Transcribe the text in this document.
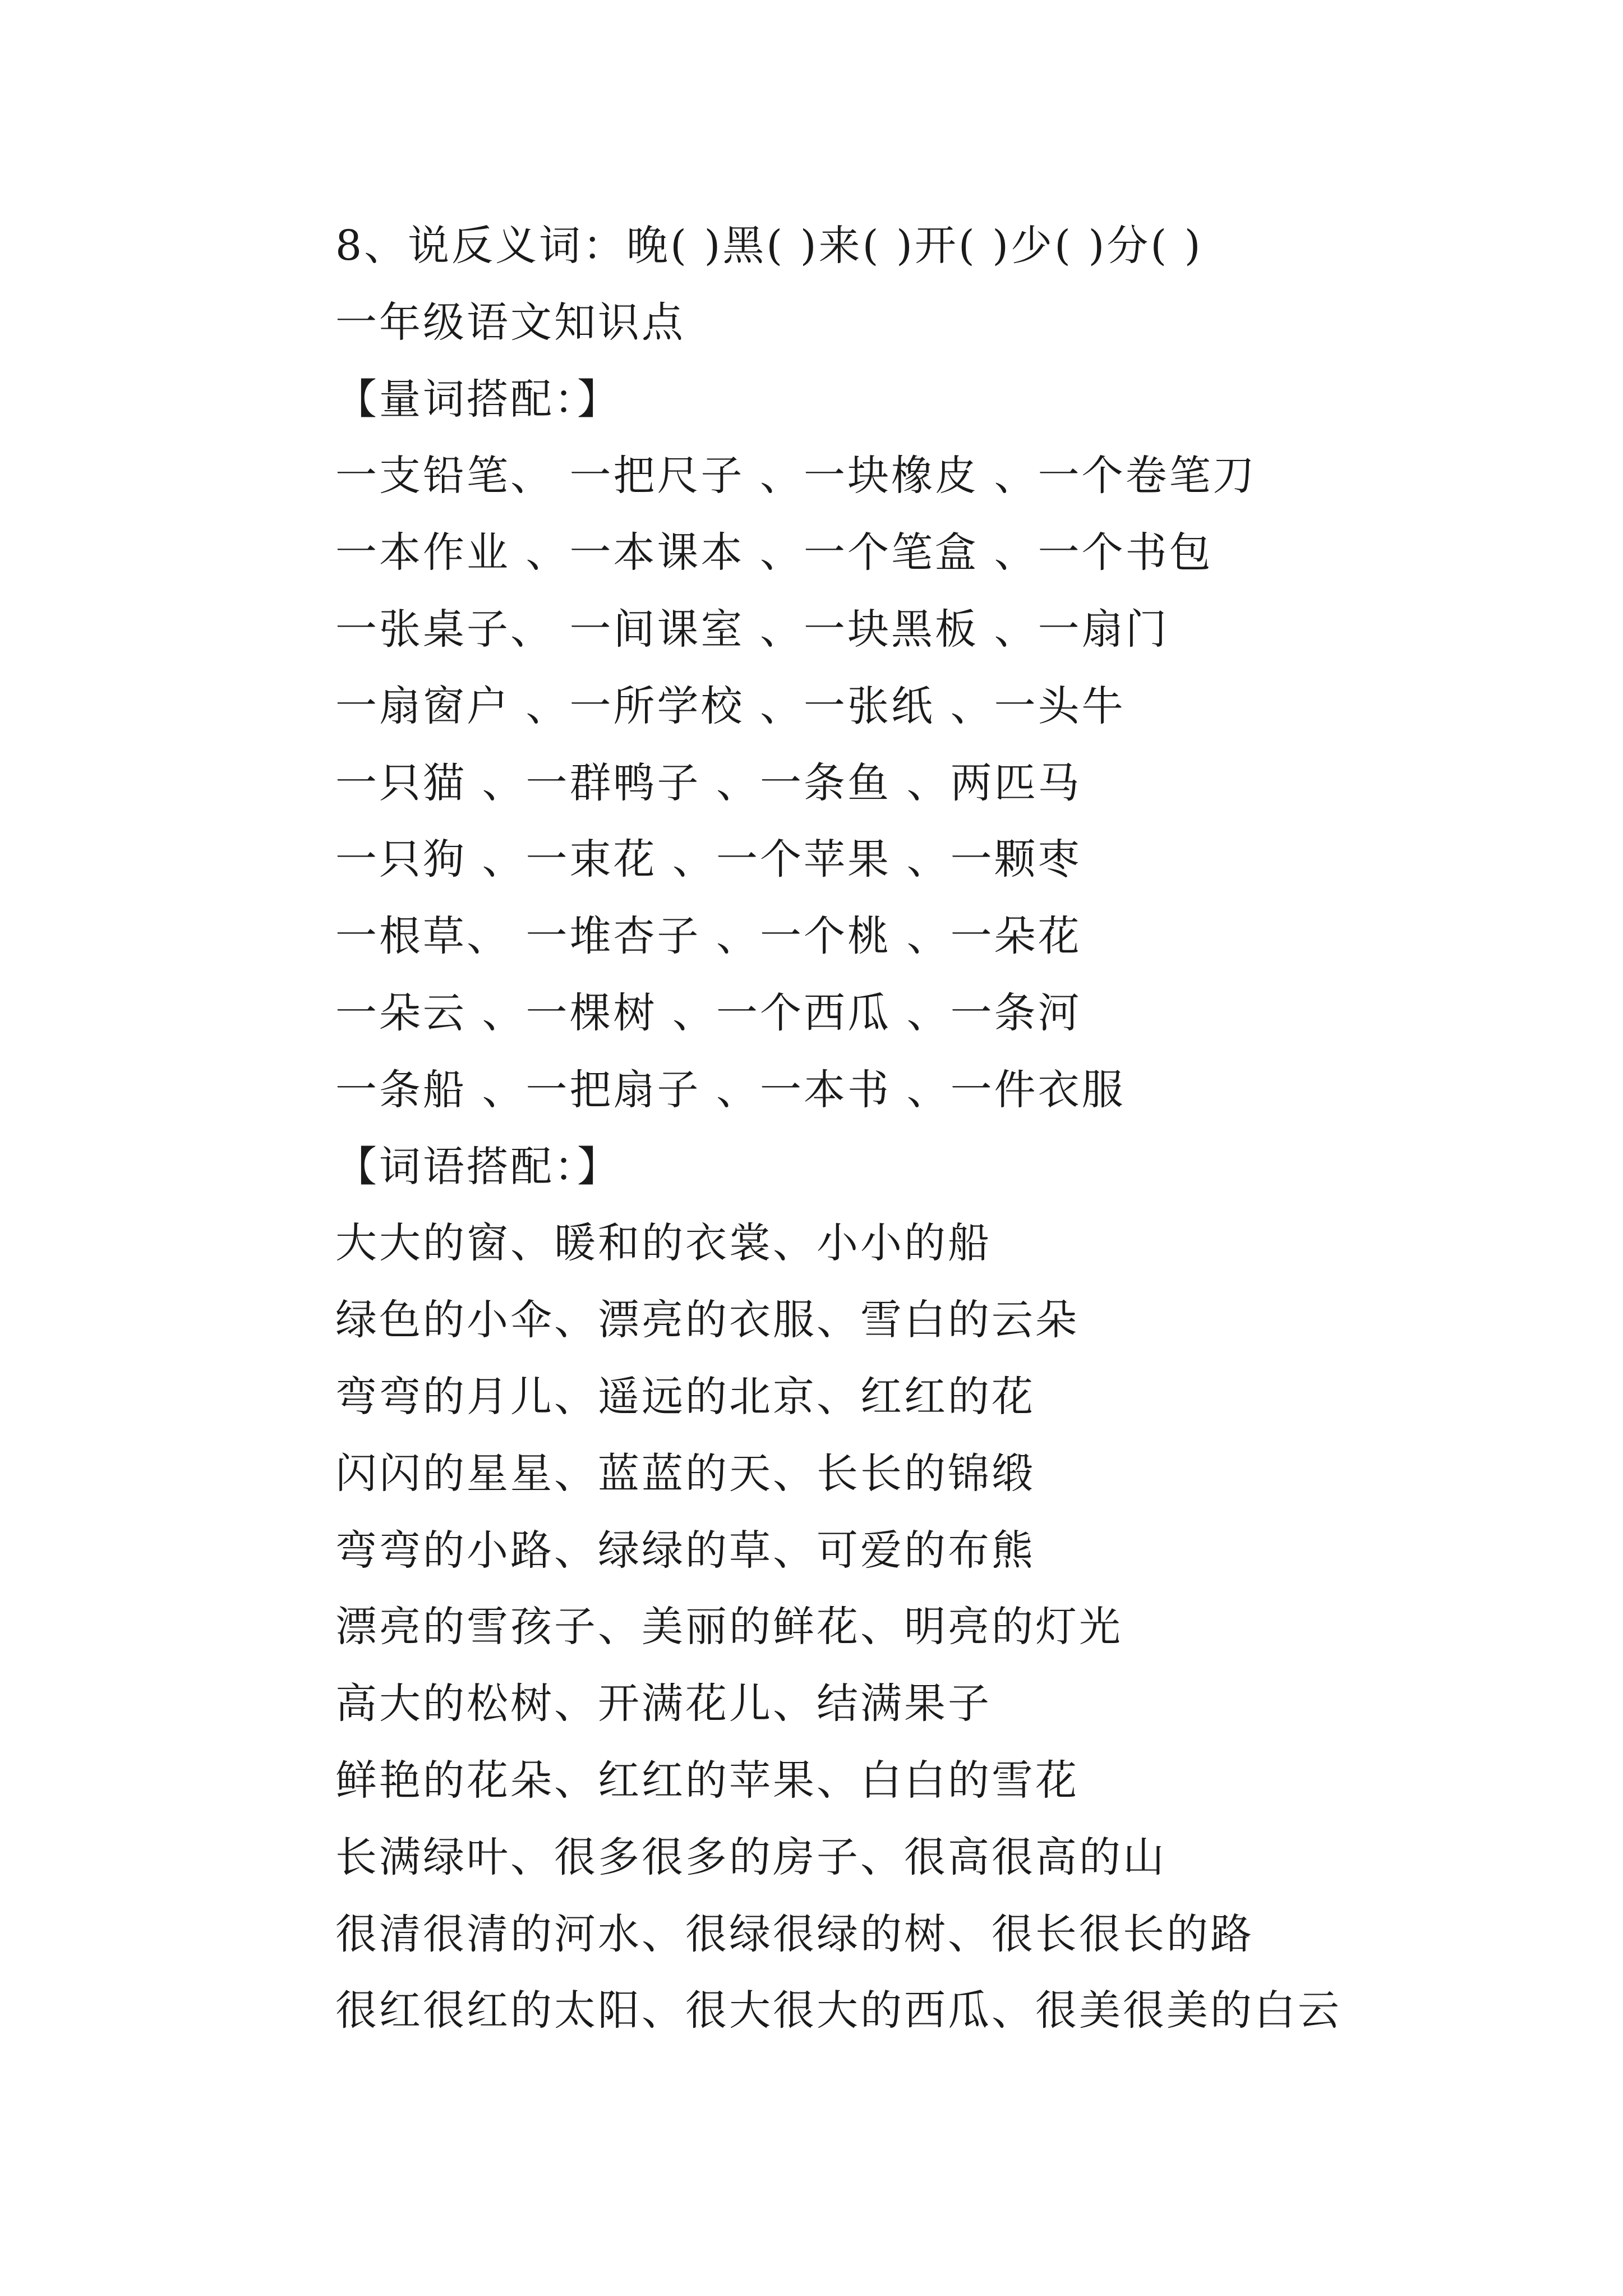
8、说反义词：晚( )黑( )来( )开( )少( )分( )
一年级语文知识点
【量词搭配：】
一支铅笔、 一把尺子 、一块橡皮 、一个卷笔刀
一本作业 、一本课本 、一个笔盒 、一个书包
一张桌子、 一间课室 、一块黑板 、一扇门
一扇窗户 、一所学校 、一张纸 、一头牛
一只猫 、一群鸭子 、一条鱼 、两匹马
一只狗 、一束花 、一个苹果 、一颗枣
一根草、 一堆杏子 、一个桃 、一朵花
一朵云 、一棵树 、一个西瓜 、一条河
一条船 、一把扇子 、一本书 、一件衣服
【词语搭配：】
大大的窗、暖和的衣裳、小小的船
绿色的小伞、漂亮的衣服、雪白的云朵
弯弯的月儿、遥远的北京、红红的花
闪闪的星星、蓝蓝的天、长长的锦缎
弯弯的小路、绿绿的草、可爱的布熊
漂亮的雪孩子、美丽的鲜花、明亮的灯光
高大的松树、开满花儿、结满果子
鲜艳的花朵、红红的苹果、白白的雪花
长满绿叶、很多很多的房子、很高很高的山
很清很清的河水、很绿很绿的树、很长很长的路
很红很红的太阳、很大很大的西瓜、很美很美的白云
